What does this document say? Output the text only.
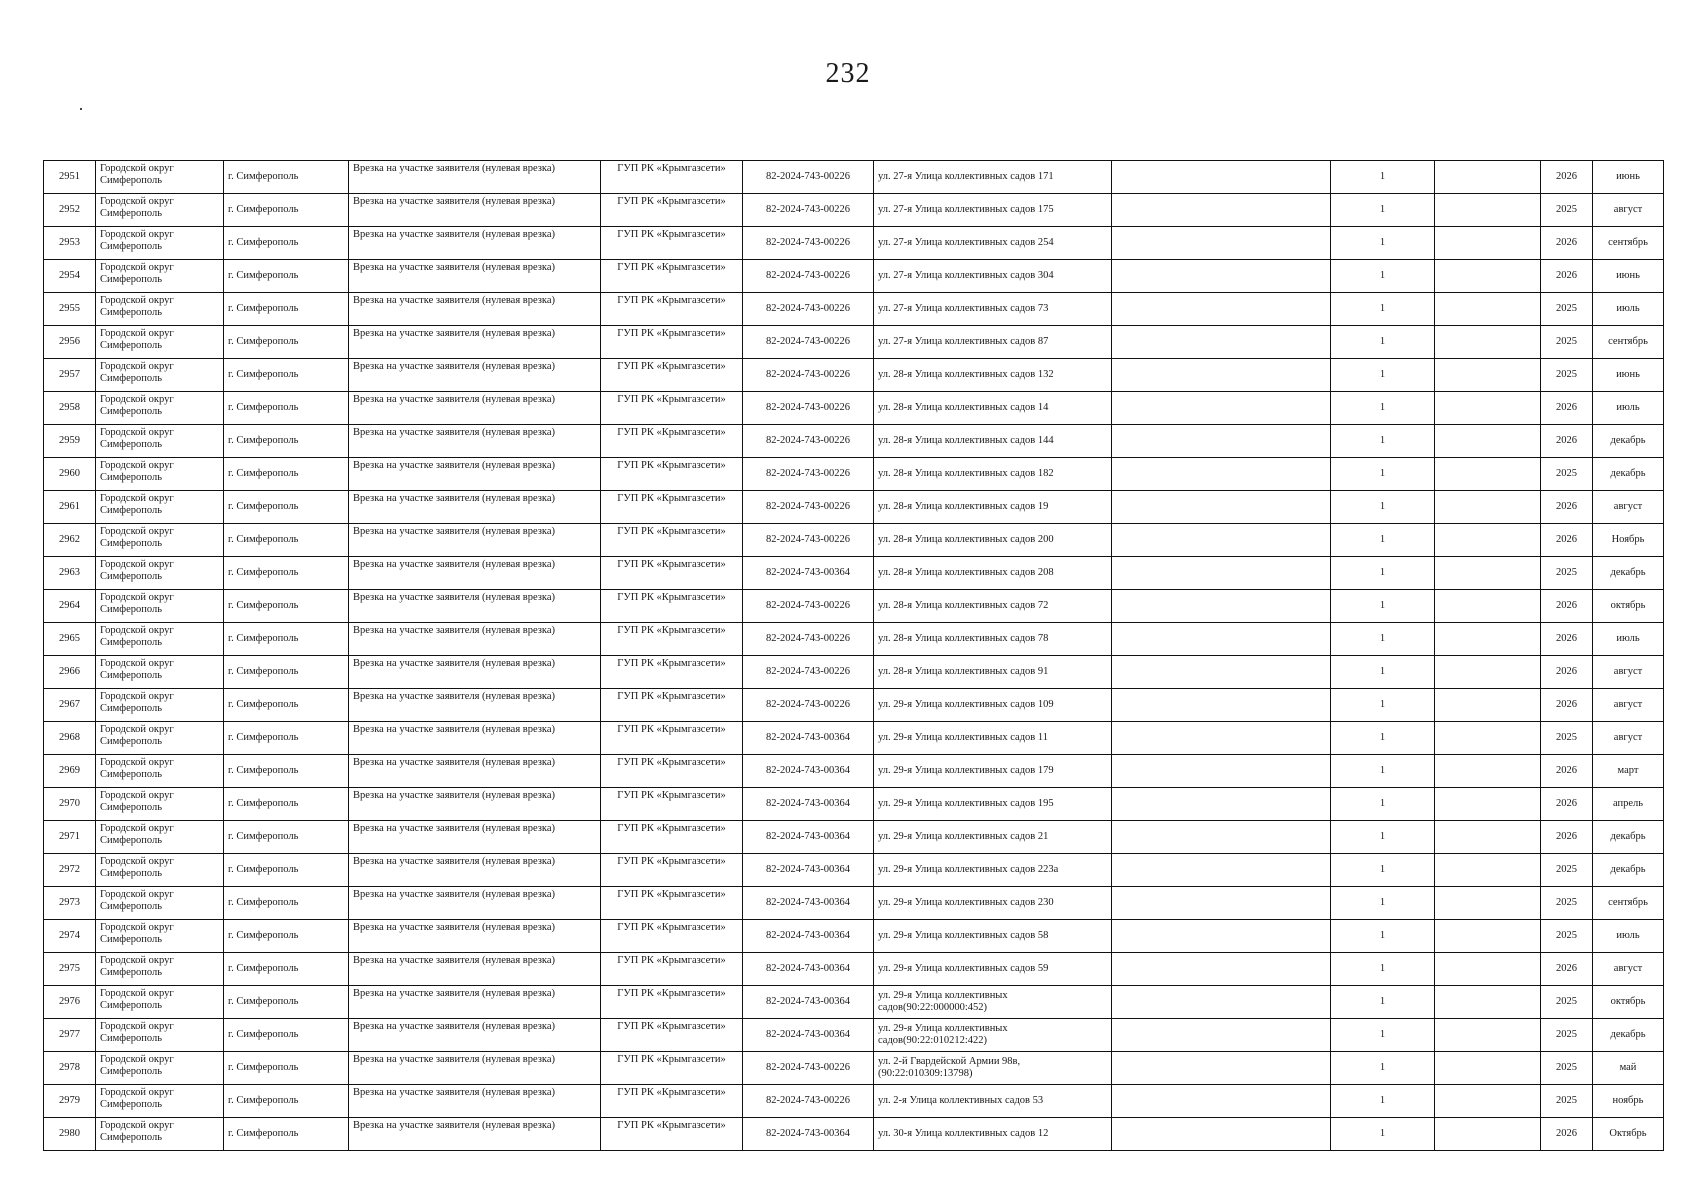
232
2951	Городской округ Симферополь	г. Симферополь	Врезка на участке заявителя (нулевая врезка)	ГУП РК «Крымгазсети»	82-2024-743-00226	ул. 27-я Улица коллективных садов 171		1		2026	июнь
2952	Городской округ Симферополь	г. Симферополь	Врезка на участке заявителя (нулевая врезка)	ГУП РК «Крымгазсети»	82-2024-743-00226	ул. 27-я Улица коллективных садов 175		1		2025	август
2953	Городской округ Симферополь	г. Симферополь	Врезка на участке заявителя (нулевая врезка)	ГУП РК «Крымгазсети»	82-2024-743-00226	ул. 27-я Улица коллективных садов 254		1		2026	сентябрь
2954	Городской округ Симферополь	г. Симферополь	Врезка на участке заявителя (нулевая врезка)	ГУП РК «Крымгазсети»	82-2024-743-00226	ул. 27-я Улица коллективных садов 304		1		2026	июнь
2955	Городской округ Симферополь	г. Симферополь	Врезка на участке заявителя (нулевая врезка)	ГУП РК «Крымгазсети»	82-2024-743-00226	ул. 27-я Улица коллективных садов 73		1		2025	июль
2956	Городской округ Симферополь	г. Симферополь	Врезка на участке заявителя (нулевая врезка)	ГУП РК «Крымгазсети»	82-2024-743-00226	ул. 27-я Улица коллективных садов 87		1		2025	сентябрь
2957	Городской округ Симферополь	г. Симферополь	Врезка на участке заявителя (нулевая врезка)	ГУП РК «Крымгазсети»	82-2024-743-00226	ул. 28-я Улица коллективных садов 132		1		2025	июнь
2958	Городской округ Симферополь	г. Симферополь	Врезка на участке заявителя (нулевая врезка)	ГУП РК «Крымгазсети»	82-2024-743-00226	ул. 28-я Улица коллективных садов 14		1		2026	июль
2959	Городской округ Симферополь	г. Симферополь	Врезка на участке заявителя (нулевая врезка)	ГУП РК «Крымгазсети»	82-2024-743-00226	ул. 28-я Улица коллективных садов 144		1		2026	декабрь
2960	Городской округ Симферополь	г. Симферополь	Врезка на участке заявителя (нулевая врезка)	ГУП РК «Крымгазсети»	82-2024-743-00226	ул. 28-я Улица коллективных садов 182		1		2025	декабрь
2961	Городской округ Симферополь	г. Симферополь	Врезка на участке заявителя (нулевая врезка)	ГУП РК «Крымгазсети»	82-2024-743-00226	ул. 28-я Улица коллективных садов 19		1		2026	август
2962	Городской округ Симферополь	г. Симферополь	Врезка на участке заявителя (нулевая врезка)	ГУП РК «Крымгазсети»	82-2024-743-00226	ул. 28-я Улица коллективных садов 200		1		2026	Ноябрь
2963	Городской округ Симферополь	г. Симферополь	Врезка на участке заявителя (нулевая врезка)	ГУП РК «Крымгазсети»	82-2024-743-00364	ул. 28-я Улица коллективных садов 208		1		2025	декабрь
2964	Городской округ Симферополь	г. Симферополь	Врезка на участке заявителя (нулевая врезка)	ГУП РК «Крымгазсети»	82-2024-743-00226	ул. 28-я Улица коллективных садов 72		1		2026	октябрь
2965	Городской округ Симферополь	г. Симферополь	Врезка на участке заявителя (нулевая врезка)	ГУП РК «Крымгазсети»	82-2024-743-00226	ул. 28-я Улица коллективных садов 78		1		2026	июль
2966	Городской округ Симферополь	г. Симферополь	Врезка на участке заявителя (нулевая врезка)	ГУП РК «Крымгазсети»	82-2024-743-00226	ул. 28-я Улица коллективных садов 91		1		2026	август
2967	Городской округ Симферополь	г. Симферополь	Врезка на участке заявителя (нулевая врезка)	ГУП РК «Крымгазсети»	82-2024-743-00226	ул. 29-я Улица коллективных садов 109		1		2026	август
2968	Городской округ Симферополь	г. Симферополь	Врезка на участке заявителя (нулевая врезка)	ГУП РК «Крымгазсети»	82-2024-743-00364	ул. 29-я Улица коллективных садов 11		1		2025	август
2969	Городской округ Симферополь	г. Симферополь	Врезка на участке заявителя (нулевая врезка)	ГУП РК «Крымгазсети»	82-2024-743-00364	ул. 29-я Улица коллективных садов 179		1		2026	март
2970	Городской округ Симферополь	г. Симферополь	Врезка на участке заявителя (нулевая врезка)	ГУП РК «Крымгазсети»	82-2024-743-00364	ул. 29-я Улица коллективных садов 195		1		2026	апрель
2971	Городской округ Симферополь	г. Симферополь	Врезка на участке заявителя (нулевая врезка)	ГУП РК «Крымгазсети»	82-2024-743-00364	ул. 29-я Улица коллективных садов 21		1		2026	декабрь
2972	Городской округ Симферополь	г. Симферополь	Врезка на участке заявителя (нулевая врезка)	ГУП РК «Крымгазсети»	82-2024-743-00364	ул. 29-я Улица коллективных садов 223а		1		2025	декабрь
2973	Городской округ Симферополь	г. Симферополь	Врезка на участке заявителя (нулевая врезка)	ГУП РК «Крымгазсети»	82-2024-743-00364	ул. 29-я Улица коллективных садов 230		1		2025	сентябрь
2974	Городской округ Симферополь	г. Симферополь	Врезка на участке заявителя (нулевая врезка)	ГУП РК «Крымгазсети»	82-2024-743-00364	ул. 29-я Улица коллективных садов 58		1		2025	июль
2975	Городской округ Симферополь	г. Симферополь	Врезка на участке заявителя (нулевая врезка)	ГУП РК «Крымгазсети»	82-2024-743-00364	ул. 29-я Улица коллективных садов 59		1		2026	август
2976	Городской округ Симферополь	г. Симферополь	Врезка на участке заявителя (нулевая врезка)	ГУП РК «Крымгазсети»	82-2024-743-00364	ул. 29-я Улица коллективных садов(90:22:000000:452)		1		2025	октябрь
2977	Городской округ Симферополь	г. Симферополь	Врезка на участке заявителя (нулевая врезка)	ГУП РК «Крымгазсети»	82-2024-743-00364	ул. 29-я Улица коллективных садов(90:22:010212:422)		1		2025	декабрь
2978	Городской округ Симферополь	г. Симферополь	Врезка на участке заявителя (нулевая врезка)	ГУП РК «Крымгазсети»	82-2024-743-00226	ул. 2-й Гвардейской Армии 98в, (90:22:010309:13798)		1		2025	май
2979	Городской округ Симферополь	г. Симферополь	Врезка на участке заявителя (нулевая врезка)	ГУП РК «Крымгазсети»	82-2024-743-00226	ул. 2-я Улица коллективных садов 53		1		2025	ноябрь
2980	Городской округ Симферополь	г. Симферополь	Врезка на участке заявителя (нулевая врезка)	ГУП РК «Крымгазсети»	82-2024-743-00364	ул. 30-я Улица коллективных садов 12		1		2026	Октябрь
